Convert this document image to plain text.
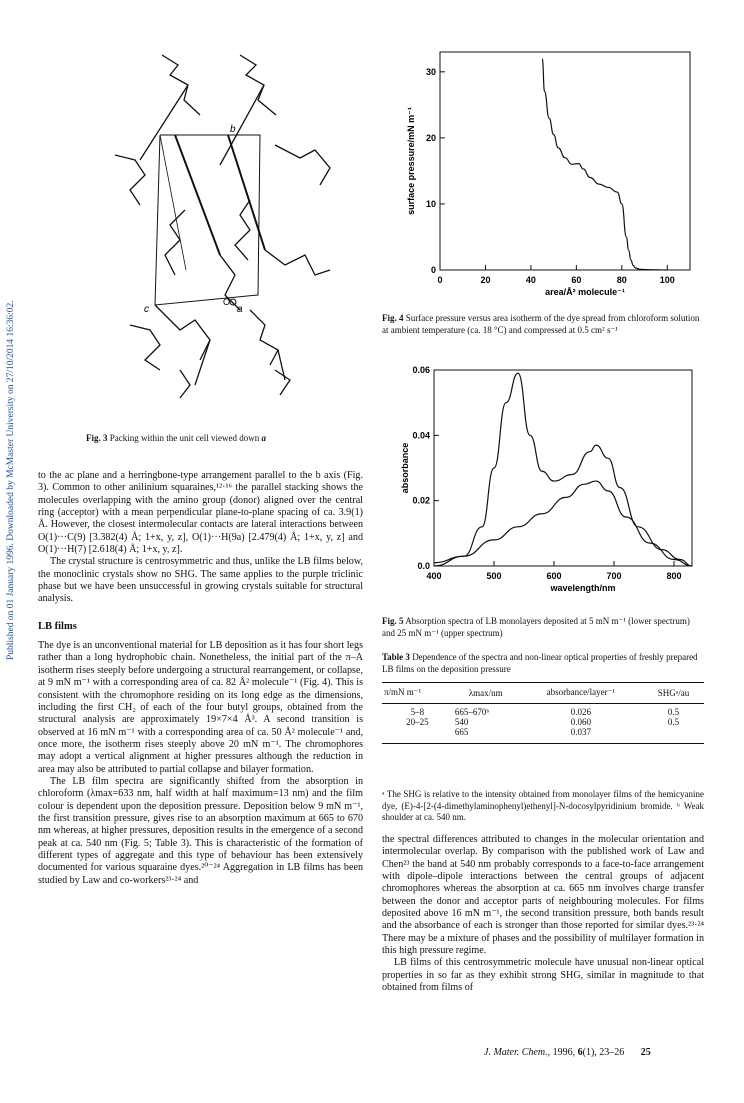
Published on 01 January 1996. Downloaded by McMaster University on 27/10/2014 16:36:02.
b
c
O
a
Fig. 3 Packing within the unit cell viewed down a
0	20	40	60	80	100
0
10
20
30
area/Å² molecule⁻¹
surface pressure/mN m⁻¹
Fig. 4 Surface pressure versus area isotherm of the dye spread from chloroform solution at ambient temperature (ca. 18 °C) and compressed at 0.5 cm² s⁻¹
400	500	600	700	800
0.0
0.02
0.04
0.06
wavelength/nm
absorbance
Fig. 5 Absorption spectra of LB monolayers deposited at 5 mN m⁻¹ (lower spectrum) and 25 mN m⁻¹ (upper spectrum)
Table 3 Dependence of the spectra and non-linear optical properties of freshly prepared LB films on the deposition pressure
π/mN m⁻¹	λmax/nm	absorbance/layer⁻¹	SHGᵃ/au

5–8	665–670ᵇ	0.026	0.5
20–25	540	0.060	0.5
	665	0.037	

ᵃ The SHG is relative to the intensity obtained from monolayer films of the hemicyanine dye, (E)-4-[2-(4-dimethylaminophenyl)ethenyl]-N-docosylpyridinium bromide. ᵇ Weak shoulder at ca. 540 nm.

to the ac plane and a herringbone-type arrangement parallel to the b axis (Fig. 3). Common to other anilinium squaraines,¹²·¹⁶ the parallel stacking shows the molecules overlapping with the amino group (donor) aligned over the central ring (acceptor) with a mean perpendicular plane-to-plane spacing of ca. 3.9(1) Å. However, the closest intermolecular contacts are lateral interactions between O(1)···C(9) [3.382(4) Å; 1+x, y, z], O(1)···H(9a) [2.479(4) Å; 1+x, y, z] and O(1)···H(7) [2.618(4) Å; 1+x, y, z].

The crystal structure is centrosymmetric and thus, unlike the LB films below, the monoclinic crystals show no SHG. The same applies to the purple triclinic phase but we have been unsuccessful in growing crystals suitable for structural analysis.

LB films

The dye is an unconventional material for LB deposition as it has four short legs rather than a long hydrophobic chain. Nonetheless, the initial part of the π–A isotherm rises steeply before undergoing a structural rearrangement, or collapse, at 9 mN m⁻¹ with a corresponding area of ca. 82 Å² molecule⁻¹ (Fig. 4). This is consistent with the chromophore residing on its long edge as the dimensions, including the first CH₂ of each of the four butyl groups, obtained from the structural analysis are approximately 19×7×4 Å³. A second transition is observed at 16 mN m⁻¹ with a corresponding area of ca. 50 Å² molecule⁻¹ and, once more, the isotherm rises steeply above 20 mN m⁻¹. The chromophores may adopt a vertical alignment at higher pressures although the reduction in area may also be attributed to partial collapse and bilayer formation.

The LB film spectra are significantly shifted from the absorption in chloroform (λmax=633 nm, half width at half maximum=13 nm) and the film colour is dependent upon the deposition pressure. Deposition below 9 mN m⁻¹, the first transition pressure, gives rise to an absorption maximum at 665 to 670 nm whereas, at higher pressures, deposition results in the emergence of a second peak at ca. 540 nm (Fig. 5; Table 3). This is characteristic of the formation of different types of aggregate and this type of behaviour has been extensively documented for various squaraine dyes.²⁰⁻²⁴ Aggregation in LB films has been studied by Law and co-workers²³·²⁴ and

the spectral differences attributed to changes in the molecular orientation and intermolecular overlap. By comparison with the published work of Law and Chen²³ the band at 540 nm probably corresponds to a face-to-face arrangement with dipole–dipole interactions between the central groups of adjacent chromophores whereas the absorption at ca. 665 nm involves charge transfer between the donor and acceptor parts of neighbouring molecules. For films deposited above 16 mN m⁻¹, the second transition pressure, both bands result and the absorbance of each is stronger than those reported for similar dyes.²³·²⁴ There may be a mixture of phases and the possibility of multilayer formation in this high pressure regime.

LB films of this centrosymmetric molecule have unusual non-linear optical properties in so far as they exhibit strong SHG, similar in magnitude to that obtained from films of

J. Mater. Chem., 1996, 6(1), 23–26 25
